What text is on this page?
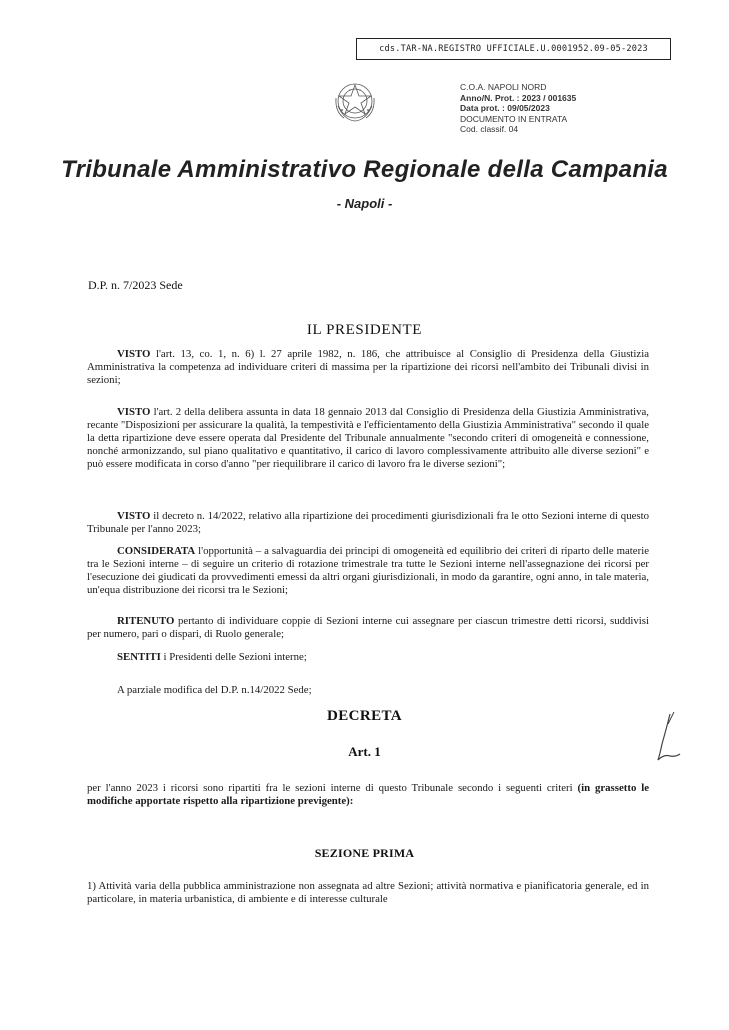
cds.TAR-NA.REGISTRO UFFICIALE.U.0001952.09-05-2023
C.O.A. NAPOLI NORD
Anno/N. Prot. : 2023 / 001635
Data prot. : 09/05/2023
DOCUMENTO IN ENTRATA
Cod. classif. 04
Tribunale Amministrativo Regionale della Campania
- Napoli -
D.P. n. 7/2023 Sede
IL PRESIDENTE
VISTO l'art. 13, co. 1, n. 6) l. 27 aprile 1982, n. 186, che attribuisce al Consiglio di Presidenza della Giustizia Amministrativa la competenza ad individuare criteri di massima per la ripartizione dei ricorsi nell'ambito dei Tribunali divisi in sezioni;
VISTO l'art. 2 della delibera assunta in data 18 gennaio 2013 dal Consiglio di Presidenza della Giustizia Amministrativa, recante "Disposizioni per assicurare la qualità, la tempestività e l'efficientamento della Giustizia Amministrativa" secondo il quale la detta ripartizione deve essere operata dal Presidente del Tribunale annualmente "secondo criteri di omogeneità e connessione, nonché armonizzando, sul piano qualitativo e quantitativo, il carico di lavoro complessivamente attribuito alle diverse sezioni" e può essere modificata in corso d'anno "per riequilibrare il carico di lavoro fra le diverse sezioni";
VISTO il decreto n. 14/2022, relativo alla ripartizione dei procedimenti giurisdizionali fra le otto Sezioni interne di questo Tribunale per l'anno 2023;
CONSIDERATA l'opportunità – a salvaguardia dei principi di omogeneità ed equilibrio dei criteri di riparto delle materie tra le Sezioni interne – di seguire un criterio di rotazione trimestrale tra tutte le Sezioni interne nell'assegnazione dei ricorsi per l'esecuzione dei giudicati da provvedimenti emessi da altri organi giurisdizionali, in modo da garantire, ogni anno, in tale materia, un'equa distribuzione dei ricorsi tra le Sezioni;
RITENUTO pertanto di individuare coppie di Sezioni interne cui assegnare per ciascun trimestre detti ricorsi, suddivisi per numero, pari o dispari, di Ruolo generale;
SENTITI i Presidenti delle Sezioni interne;
A parziale modifica del D.P. n.14/2022 Sede;
DECRETA
Art. 1
per l'anno 2023 i ricorsi sono ripartiti fra le sezioni interne di questo Tribunale secondo i seguenti criteri (in grassetto le modifiche apportate rispetto alla ripartizione previgente):
SEZIONE PRIMA
1) Attività varia della pubblica amministrazione non assegnata ad altre Sezioni; attività normativa e pianificatoria generale, ed in particolare, in materia urbanistica, di ambiente e di interesse culturale
